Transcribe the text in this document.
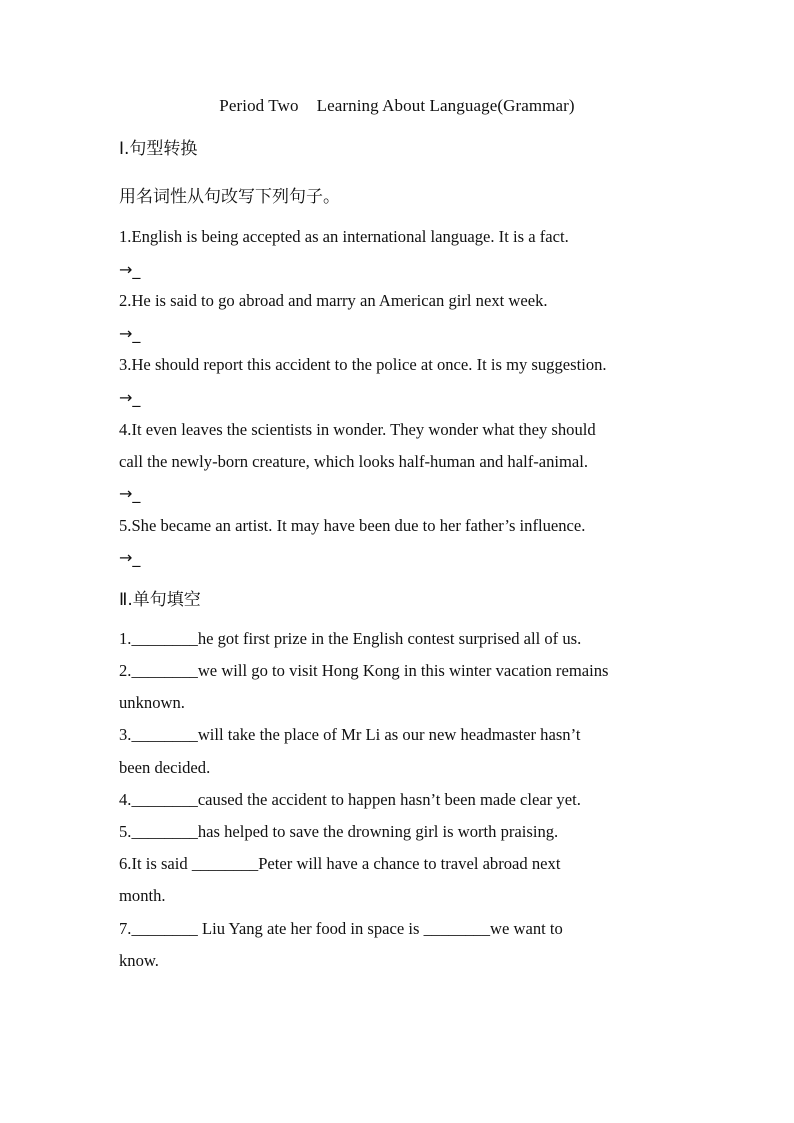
Period Two Learning About Language(Grammar)
Ⅰ.句型转换
用名词性从句改写下列句子。
1.English is being accepted as an international language. It is a fact.
→_
2.He is said to go abroad and marry an American girl next week.
→_
3.He should report this accident to the police at once. It is my suggestion.
→_
4.It even leaves the scientists in wonder. They wonder what they should
call the newly-born creature, which looks half-human and half-animal.
→_
5.She became an artist. It may have been due to her father’s influence.
→_
Ⅱ.单句填空
1.________he got first prize in the English contest surprised all of us.
2.________we will go to visit Hong Kong in this winter vacation remains
unknown.
3.________will take the place of Mr Li as our new headmaster hasn’t
been decided.
4.________caused the accident to happen hasn’t been made clear yet.
5.________has helped to save the drowning girl is worth praising.
6.It is said ________Peter will have a chance to travel abroad next
month.
7.________ Liu Yang ate her food in space is ________we want to
know.
